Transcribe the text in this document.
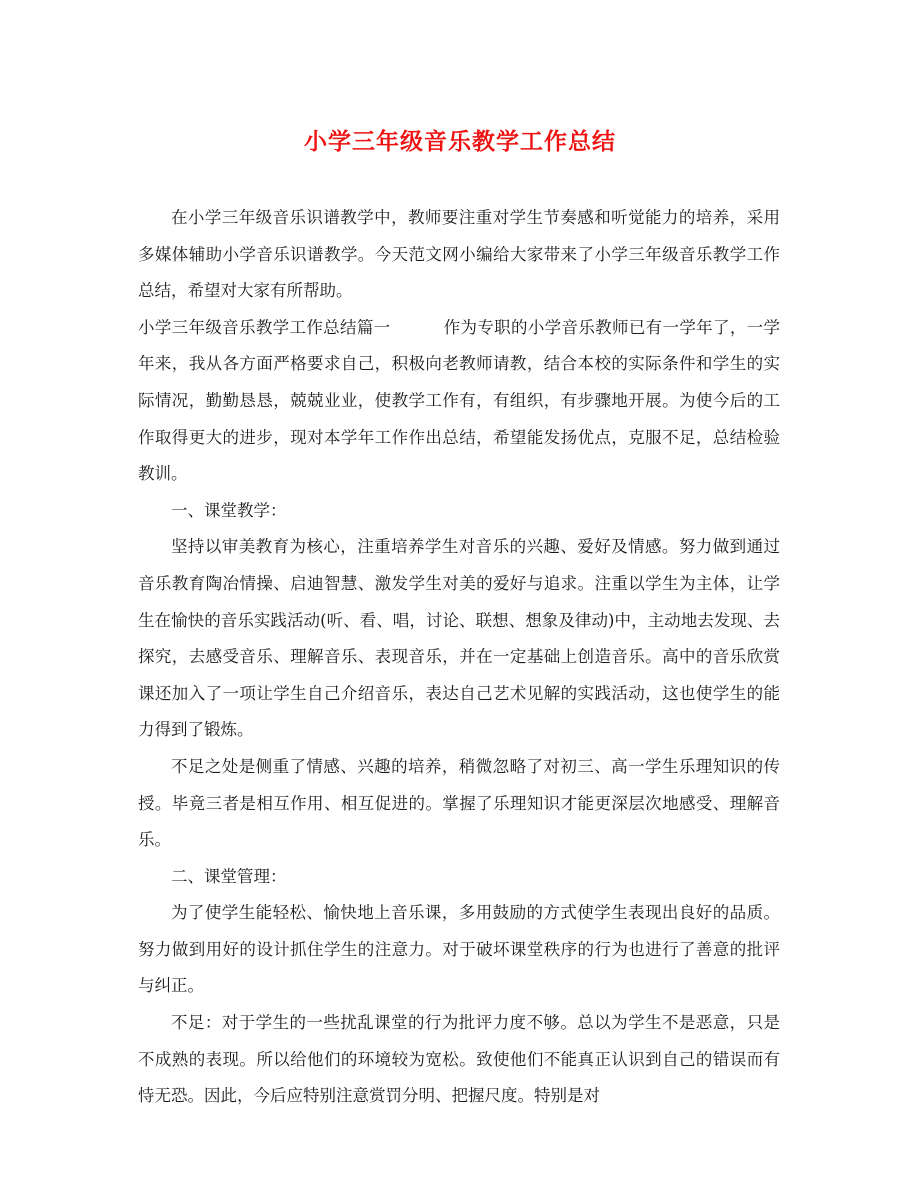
小学三年级音乐教学工作总结

在小学三年级音乐识谱教学中，教师要注重对学生节奏感和听觉能力的培养，采用多媒体辅助小学音乐识谱教学。今天范文网小编给大家带来了小学三年级音乐教学工作总结，希望对大家有所帮助。

小学三年级音乐教学工作总结篇一	作为专职的小学音乐教师已有一学年了，一学年来，我从各方面严格要求自己，积极向老教师请教，结合本校的实际条件和学生的实际情况，勤勤恳恳，兢兢业业，使教学工作有，有组织，有步骤地开展。为使今后的工作取得更大的进步，现对本学年工作作出总结，希望能发扬优点，克服不足，总结检验教训。

一、课堂教学：

坚持以审美教育为核心，注重培养学生对音乐的兴趣、爱好及情感。努力做到通过音乐教育陶冶情操、启迪智慧、激发学生对美的爱好与追求。注重以学生为主体，让学生在愉快的音乐实践活动(听、看、唱，讨论、联想、想象及律动)中，主动地去发现、去探究，去感受音乐、理解音乐、表现音乐，并在一定基础上创造音乐。高中的音乐欣赏课还加入了一项让学生自己介绍音乐，表达自己艺术见解的实践活动，这也使学生的能力得到了锻炼。

不足之处是侧重了情感、兴趣的培养，稍微忽略了对初三、高一学生乐理知识的传授。毕竟三者是相互作用、相互促进的。掌握了乐理知识才能更深层次地感受、理解音乐。

二、课堂管理：

为了使学生能轻松、愉快地上音乐课，多用鼓励的方式使学生表现出良好的品质。努力做到用好的设计抓住学生的注意力。对于破坏课堂秩序的行为也进行了善意的批评与纠正。

不足：对于学生的一些扰乱课堂的行为批评力度不够。总以为学生不是恶意，只是不成熟的表现。所以给他们的环境较为宽松。致使他们不能真正认识到自己的错误而有恃无恐。因此，今后应特别注意赏罚分明、把握尺度。特别是对
